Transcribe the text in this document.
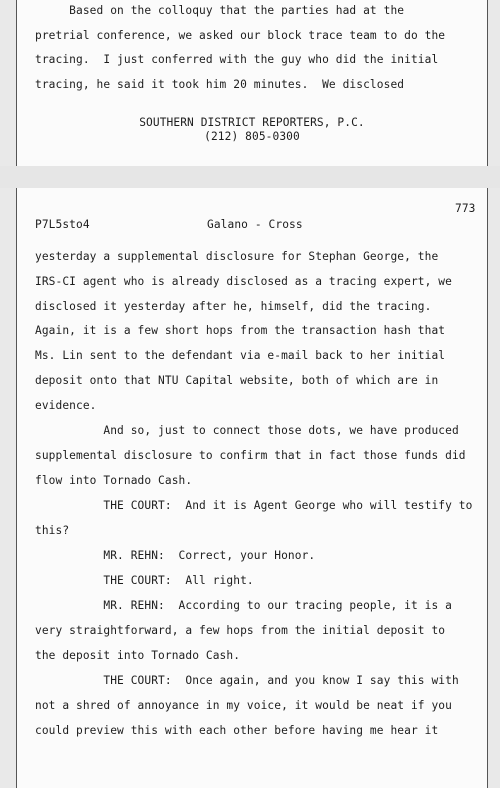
Based on the colloquy that the parties had at the
pretrial conference, we asked our block trace team to do the
tracing.  I just conferred with the guy who did the initial
tracing, he said it took him 20 minutes.  We disclosed
SOUTHERN DISTRICT REPORTERS, P.C.
(212) 805-0300
773
P7L5sto4	Galano - Cross
yesterday a supplemental disclosure for Stephan George, the
IRS-CI agent who is already disclosed as a tracing expert, we
disclosed it yesterday after he, himself, did the tracing.
Again, it is a few short hops from the transaction hash that
Ms. Lin sent to the defendant via e-mail back to her initial
deposit onto that NTU Capital website, both of which are in
evidence.
And so, just to connect those dots, we have produced
supplemental disclosure to confirm that in fact those funds did
flow into Tornado Cash.
THE COURT:  And it is Agent George who will testify to
this?
MR. REHN:  Correct, your Honor.
THE COURT:  All right.
MR. REHN:  According to our tracing people, it is a
very straightforward, a few hops from the initial deposit to
the deposit into Tornado Cash.
THE COURT:  Once again, and you know I say this with
not a shred of annoyance in my voice, it would be neat if you
could preview this with each other before having me hear it
